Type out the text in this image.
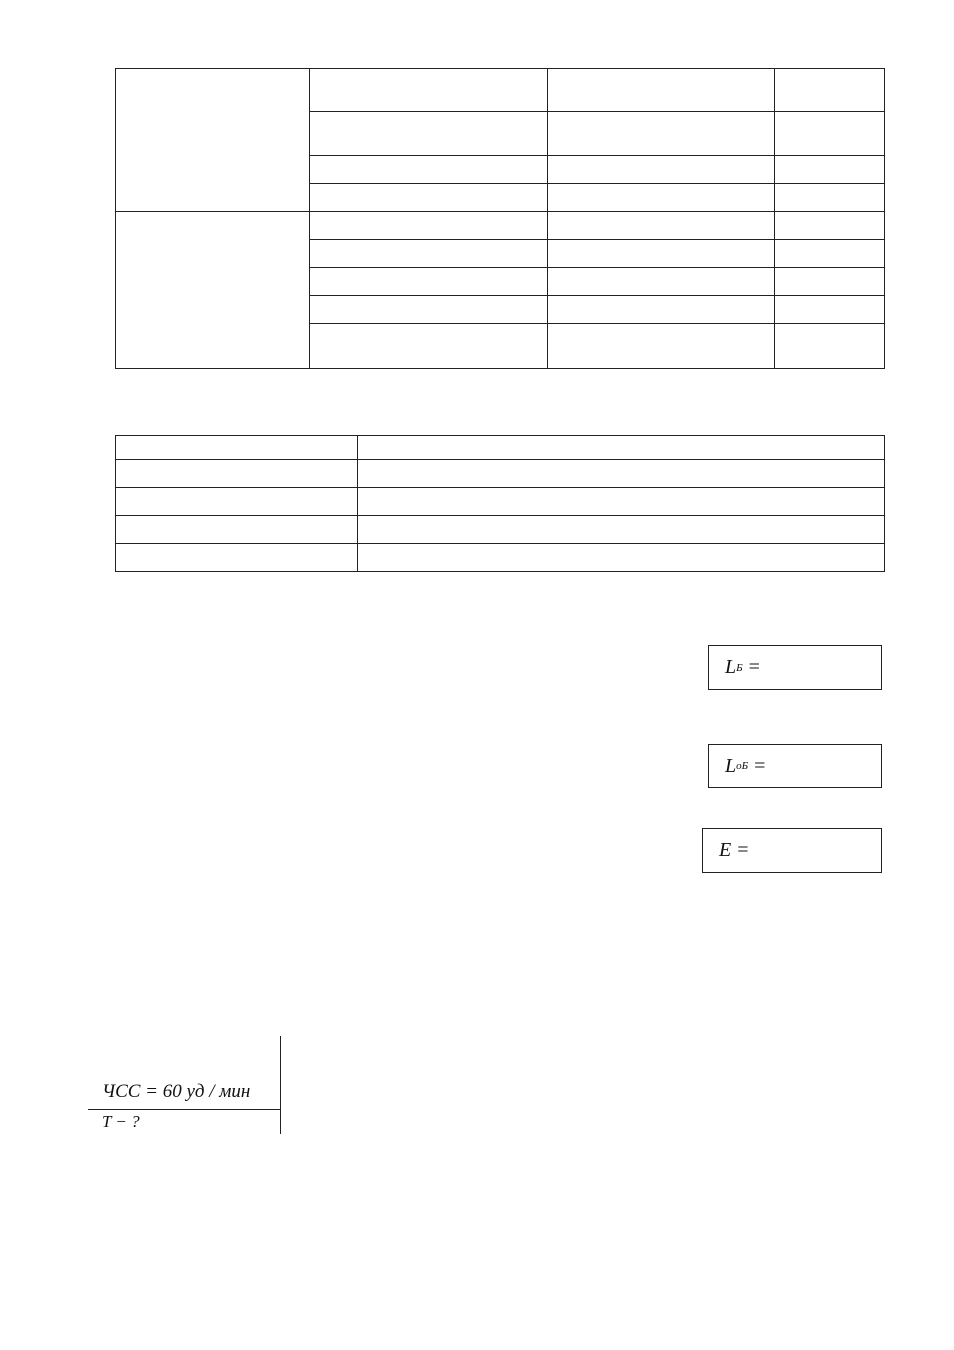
L Б =
L оБ =
E =
ЧСС = 60 уд / мин
T − ?
